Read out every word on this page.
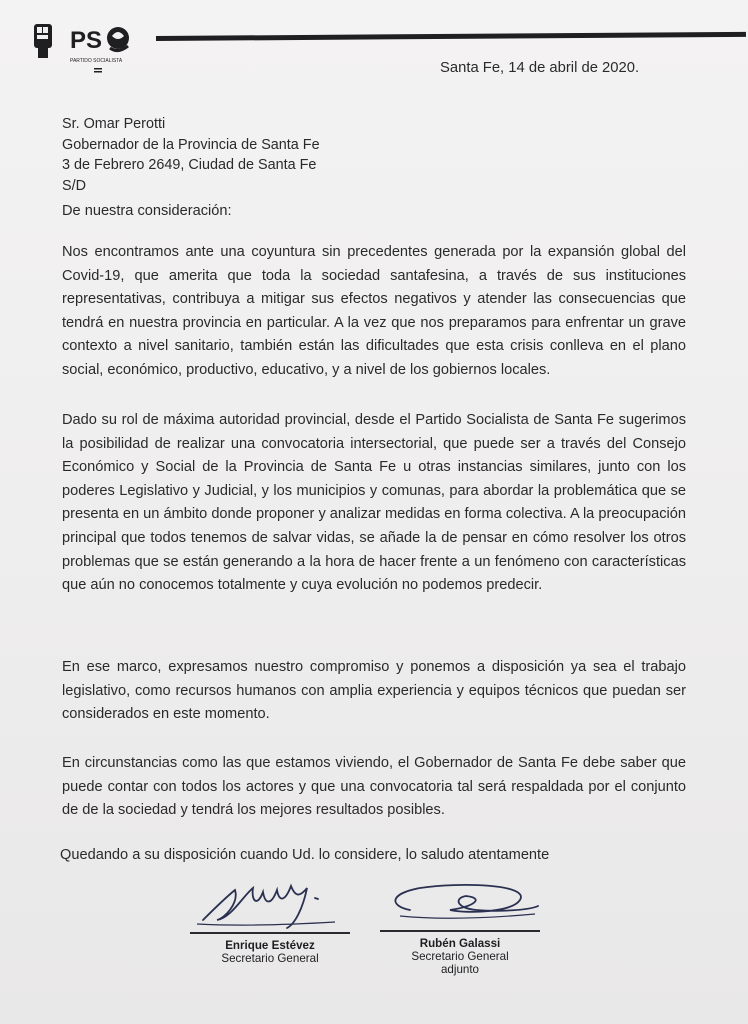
PS
PARTIDO SOCIALISTA	Santa Fe, 14 de abril de 2020.
Sr. Omar Perotti
Gobernador de la Provincia de Santa Fe
3 de Febrero 2649, Ciudad de Santa Fe
S/D
De nuestra consideración:
Nos encontramos ante una coyuntura sin precedentes generada por la expansión global del Covid-19, que amerita que toda la sociedad santafesina, a través de sus instituciones representativas, contribuya a mitigar sus efectos negativos y atender las consecuencias que tendrá en nuestra provincia en particular. A la vez que nos preparamos para enfrentar un grave contexto a nivel sanitario, también están las dificultades que esta crisis conlleva en el plano social, económico, productivo, educativo, y a nivel de los gobiernos locales.
Dado su rol de máxima autoridad provincial, desde el Partido Socialista de Santa Fe sugerimos la posibilidad de realizar una convocatoria intersectorial, que puede ser a través del Consejo Económico y Social de la Provincia de Santa Fe u otras instancias similares, junto con los poderes Legislativo y Judicial, y los municipios y comunas, para abordar la problemática que se presenta en un ámbito donde proponer y analizar medidas en forma colectiva. A la preocupación principal que todos tenemos de salvar vidas, se añade la de pensar en cómo resolver los otros problemas que se están generando a la hora de hacer frente a un fenómeno con características que aún no conocemos totalmente y cuya evolución no podemos predecir.
En ese marco, expresamos nuestro compromiso y ponemos a disposición ya sea el trabajo legislativo, como recursos humanos con amplia experiencia y equipos técnicos que puedan ser considerados en este momento.
En circunstancias como las que estamos viviendo, el Gobernador de Santa Fe debe saber que puede contar con todos los actores y que una convocatoria tal será respaldada por el conjunto de de la sociedad y tendrá los mejores resultados posibles.
Quedando a su disposición cuando Ud. lo considere, lo saludo atentamente
Enrique Estévez
Secretario General
Rubén Galassi
Secretario General
adjunto
